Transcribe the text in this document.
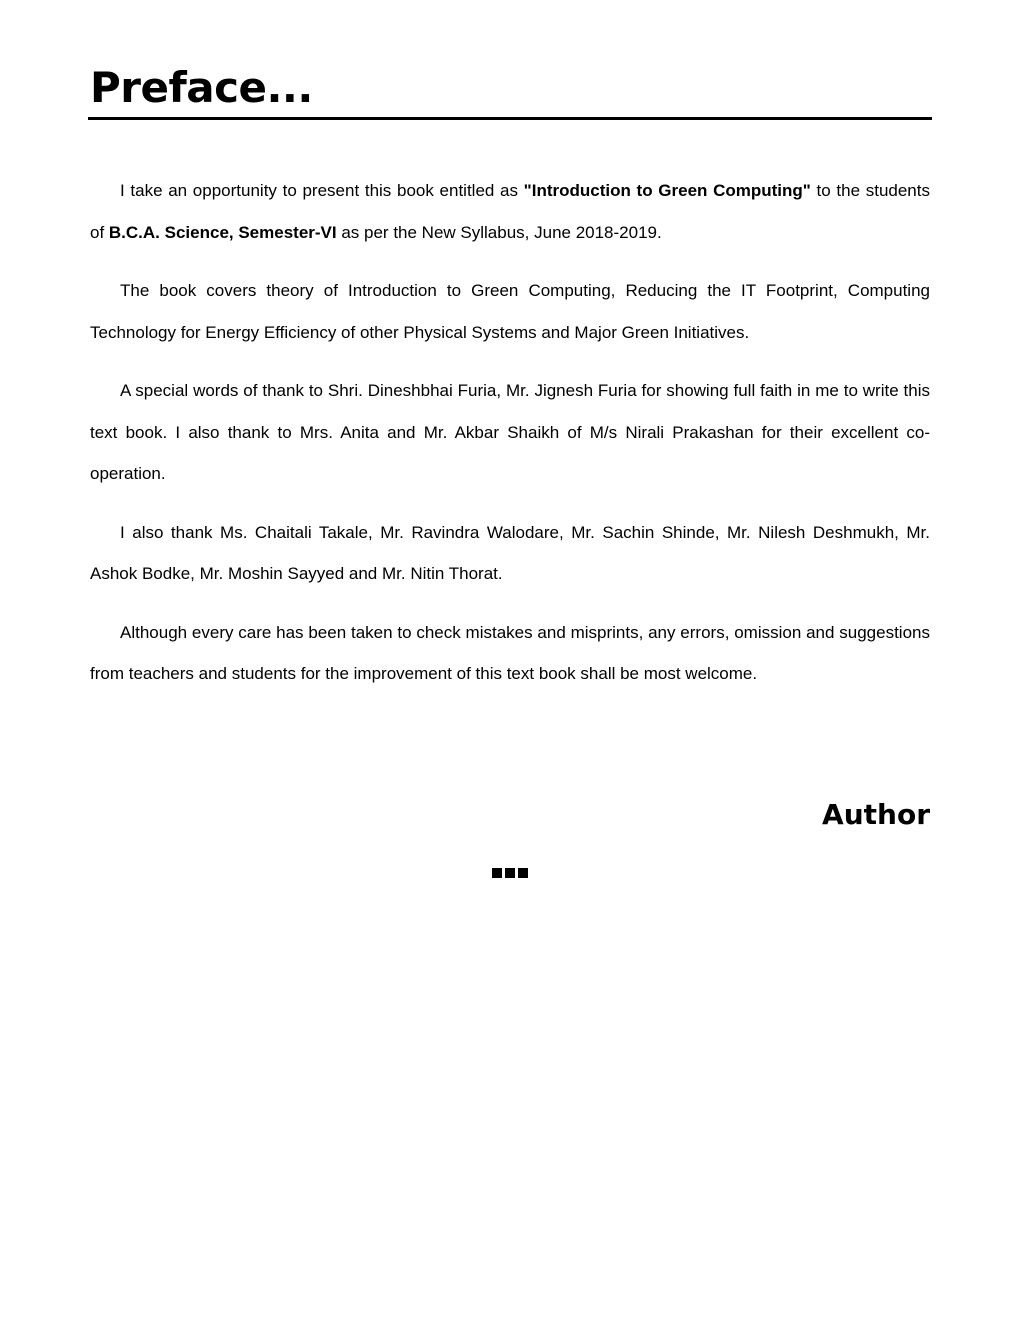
Preface...

I take an opportunity to present this book entitled as "Introduction to Green Computing" to the students of B.C.A. Science, Semester-VI as per the New Syllabus, June 2018-2019.

The book covers theory of Introduction to Green Computing, Reducing the IT Footprint, Computing Technology for Energy Efficiency of other Physical Systems and Major Green Initiatives.

A special words of thank to Shri. Dineshbhai Furia, Mr. Jignesh Furia for showing full faith in me to write this text book. I also thank to Mrs. Anita and Mr. Akbar Shaikh of M/s Nirali Prakashan for their excellent co-operation.

I also thank Ms. Chaitali Takale, Mr. Ravindra Walodare, Mr. Sachin Shinde, Mr. Nilesh Deshmukh, Mr. Ashok Bodke, Mr. Moshin Sayyed and Mr. Nitin Thorat.

Although every care has been taken to check mistakes and misprints, any errors, omission and suggestions from teachers and students for the improvement of this text book shall be most welcome.

Author
